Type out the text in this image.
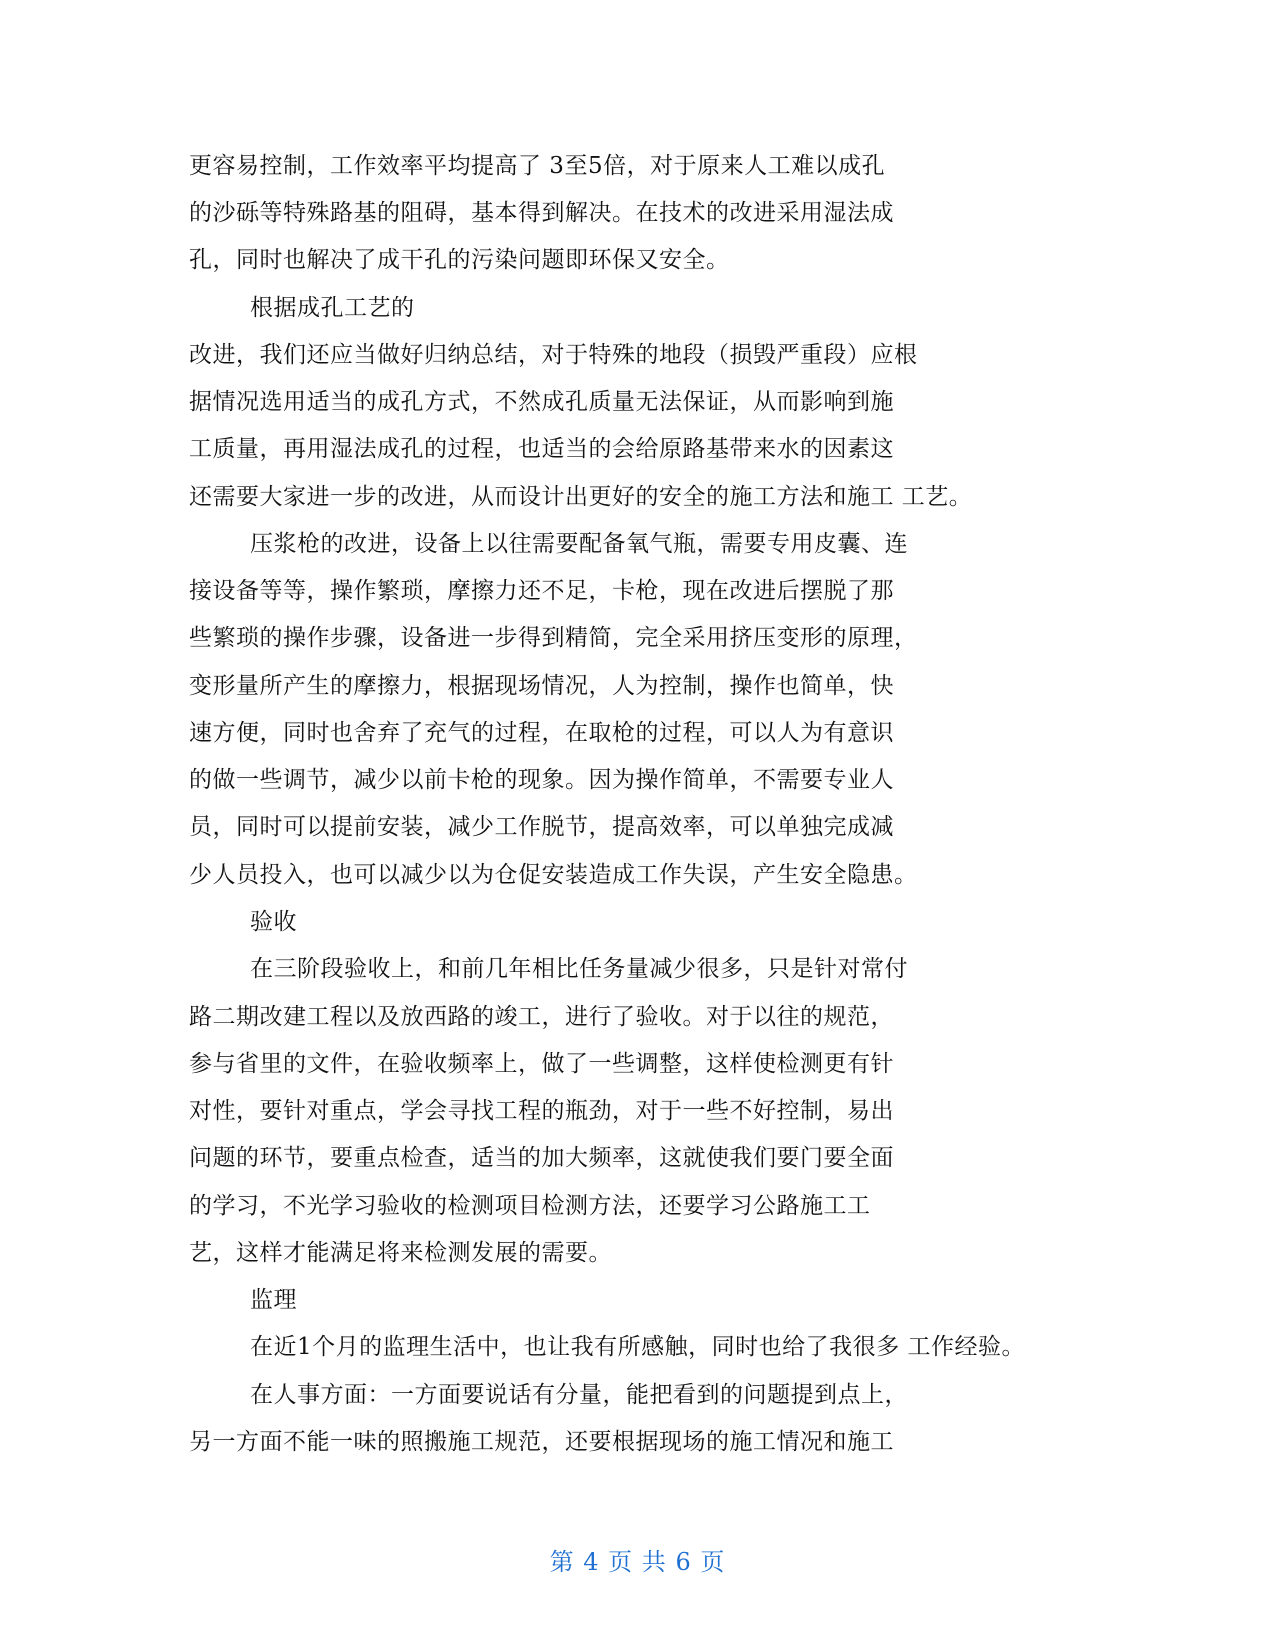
更容易控制，工作效率平均提高了 3至5倍，对于原来人工难以成孔
的沙砾等特殊路基的阻碍，基本得到解决。在技术的改进采用湿法成
孔，同时也解决了成干孔的污染问题即环保又安全。
根据成孔工艺的
改进，我们还应当做好归纳总结，对于特殊的地段（损毁严重段）应根
据情况选用适当的成孔方式，不然成孔质量无法保证，从而影响到施
工质量，再用湿法成孔的过程，也适当的会给原路基带来水的因素这
还需要大家进一步的改进，从而设计出更好的安全的施工方法和施工 工艺。
压浆枪的改进，设备上以往需要配备氧气瓶，需要专用皮囊、连
接设备等等，操作繁琐，摩擦力还不足，卡枪，现在改进后摆脱了那
些繁琐的操作步骤，设备进一步得到精简，完全采用挤压变形的原理，
变形量所产生的摩擦力，根据现场情况，人为控制，操作也简单，快
速方便，同时也舍弃了充气的过程，在取枪的过程，可以人为有意识
的做一些调节，减少以前卡枪的现象。因为操作简单，不需要专业人
员，同时可以提前安装，减少工作脱节，提高效率，可以单独完成减
少人员投入，也可以减少以为仓促安装造成工作失误，产生安全隐患。
验收
在三阶段验收上，和前几年相比任务量减少很多，只是针对常付
路二期改建工程以及放西路的竣工，进行了验收。对于以往的规范，
参与省里的文件，在验收频率上，做了一些调整，这样使检测更有针
对性，要针对重点，学会寻找工程的瓶劲，对于一些不好控制，易出
问题的环节，要重点检查，适当的加大频率，这就使我们要门要全面
的学习，不光学习验收的检测项目检测方法，还要学习公路施工工
艺，这样才能满足将来检测发展的需要。
监理
在近1个月的监理生活中，也让我有所感触，同时也给了我很多 工作经验。
在人事方面：一方面要说话有分量，能把看到的问题提到点上，
另一方面不能一味的照搬施工规范，还要根据现场的施工情况和施工
第 4 页 共 6 页
